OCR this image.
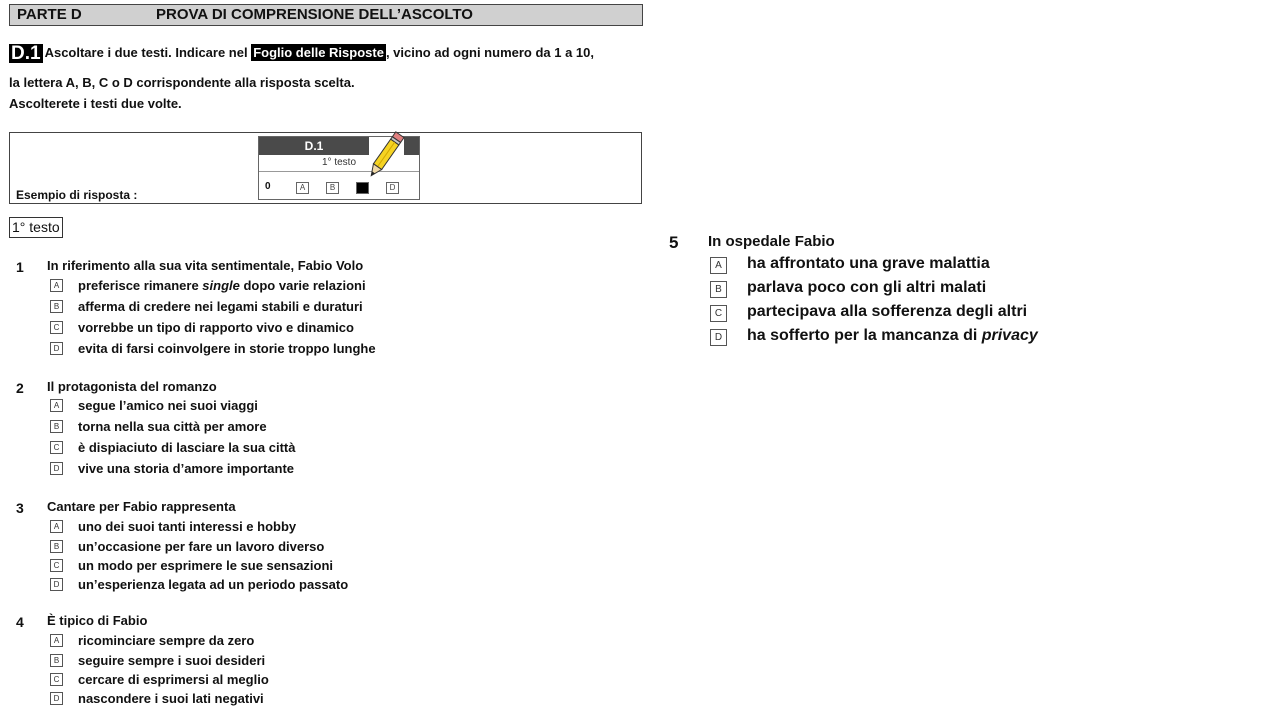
PARTE D	PROVA DI COMPRENSIONE DELL’ASCOLTO
D.1 Ascoltare i due testi. Indicare nel Foglio delle Risposte , vicino ad ogni numero da 1 a 10,
la lettera A, B, C o D corrispondente alla risposta scelta.
Ascolterete i testi due volte.
Esempio di risposta :
D.1
1° testo
0	A	B	C	D
1° testo
1 In riferimento alla sua vita sentimentale, Fabio Volo
A preferisce rimanere single dopo varie relazioni
B afferma di credere nei legami stabili e duraturi
C vorrebbe un tipo di rapporto vivo e dinamico
D evita di farsi coinvolgere in storie troppo lunghe
2 Il protagonista del romanzo
A segue l’amico nei suoi viaggi
B torna nella sua città per amore
C è dispiaciuto di lasciare la sua città
D vive una storia d’amore importante
3 Cantare per Fabio rappresenta
A uno dei suoi tanti interessi e hobby
B un’occasione per fare un lavoro diverso
C un modo per esprimere le sue sensazioni
D un’esperienza legata ad un periodo passato
4 È tipico di Fabio
A ricominciare sempre da zero
B seguire sempre i suoi desideri
C cercare di esprimersi al meglio
D nascondere i suoi lati negativi
5 In ospedale Fabio
A	ha affrontato una grave malattia
B	parlava poco con gli altri malati
C	partecipava alla sofferenza degli altri
D	ha sofferto per la mancanza di privacy
